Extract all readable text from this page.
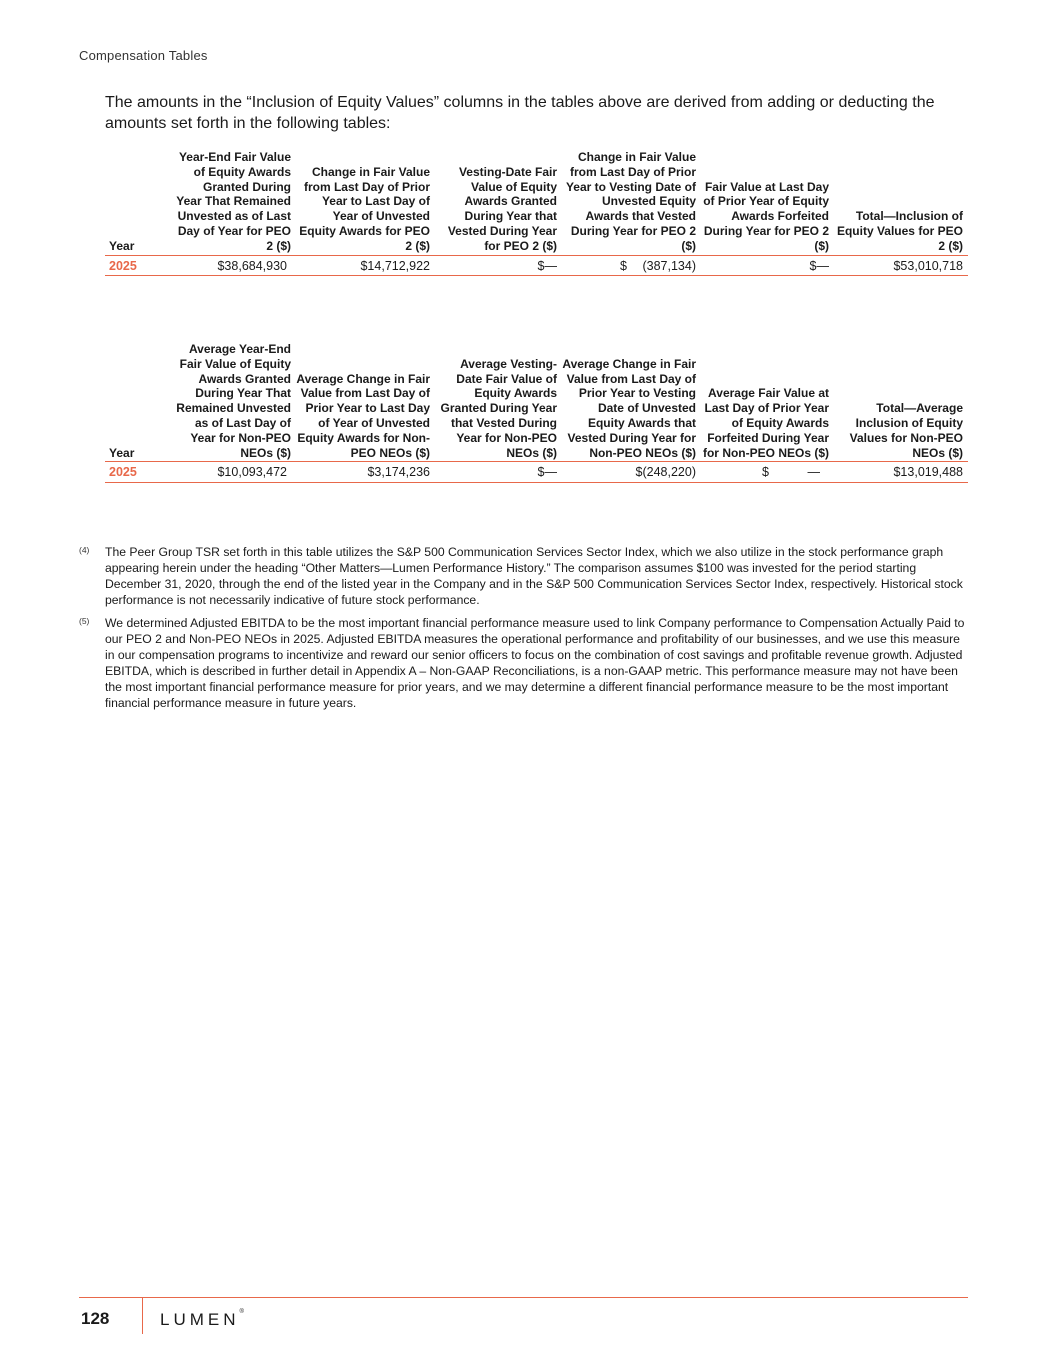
Compensation Tables
The amounts in the “Inclusion of Equity Values” columns in the tables above are derived from adding or deducting the amounts set forth in the following tables:
Year	Year-End Fair Value of Equity Awards Granted During Year That Remained Unvested as of Last Day of Year for PEO 2 ($)	Change in Fair Value from Last Day of Prior Year to Last Day of Year of Unvested Equity Awards for PEO 2 ($)	Vesting-Date Fair Value of Equity Awards Granted During Year that Vested During Year for PEO 2 ($)	Change in Fair Value from Last Day of Prior Year to Vesting Date of Unvested Equity Awards that Vested During Year for PEO 2 ($)	Fair Value at Last Day of Prior Year of Equity Awards Forfeited During Year for PEO 2 ($)	Total—Inclusion of Equity Values for PEO 2 ($)
2025	$38,684,930	$14,712,922	$—	$ (387,134)	$—	$53,010,718
Year	Average Year-End Fair Value of Equity Awards Granted During Year That Remained Unvested as of Last Day of Year for Non-PEO NEOs ($)	Average Change in Fair Value from Last Day of Prior Year to Last Day of Year of Unvested Equity Awards for Non-PEO NEOs ($)	Average Vesting-Date Fair Value of Equity Awards Granted During Year that Vested During Year for Non-PEO NEOs ($)	Average Change in Fair Value from Last Day of Prior Year to Vesting Date of Unvested Equity Awards that Vested During Year for Non-PEO NEOs ($)	Average Fair Value at Last Day of Prior Year of Equity Awards Forfeited During Year for Non-PEO NEOs ($)	Total—Average Inclusion of Equity Values for Non-PEO NEOs ($)
2025	$10,093,472	$3,174,236	$—	$(248,220)	$ —	$13,019,488
(4)	The Peer Group TSR set forth in this table utilizes the S&P 500 Communication Services Sector Index, which we also utilize in the stock performance graph appearing herein under the heading “Other Matters—Lumen Performance History.” The comparison assumes $100 was invested for the period starting December 31, 2020, through the end of the listed year in the Company and in the S&P 500 Communication Services Sector Index, respectively. Historical stock performance is not necessarily indicative of future stock performance.
(5)	We determined Adjusted EBITDA to be the most important financial performance measure used to link Company performance to Compensation Actually Paid to our PEO 2 and Non-PEO NEOs in 2025. Adjusted EBITDA measures the operational performance and profitability of our businesses, and we use this measure in our compensation programs to incentivize and reward our senior officers to focus on the combination of cost savings and profitable revenue growth. Adjusted EBITDA, which is described in further detail in Appendix A – Non-GAAP Reconciliations, is a non-GAAP metric. This performance measure may not have been the most important financial performance measure for prior years, and we may determine a different financial performance measure to be the most important financial performance measure in future years.
128	LUMEN®
